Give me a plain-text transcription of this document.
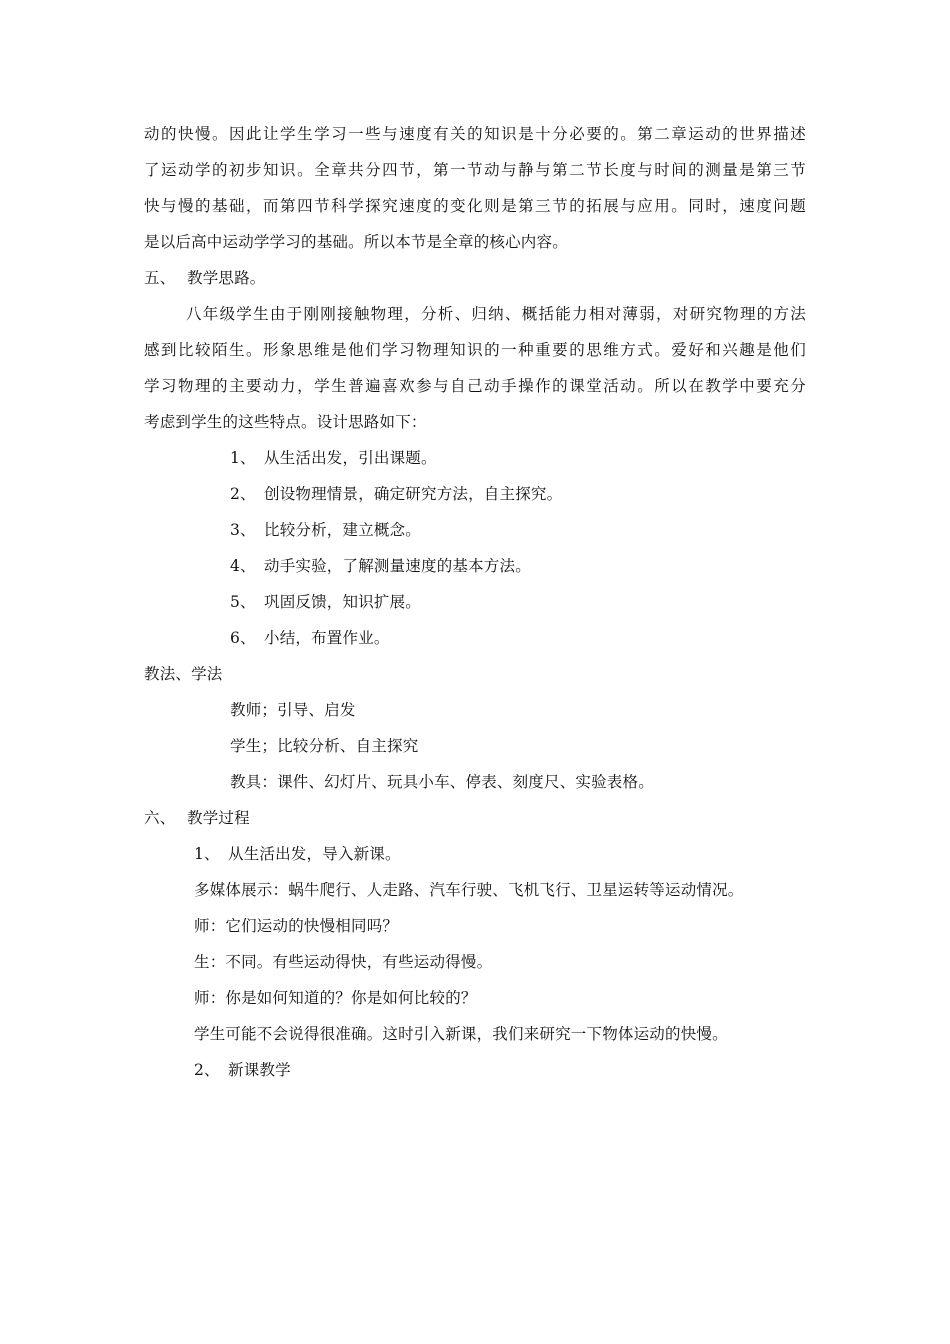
动的快慢。因此让学生学习一些与速度有关的知识是十分必要的。第二章运动的世界描述
了运动学的初步知识。全章共分四节，第一节动与静与第二节长度与时间的测量是第三节
快与慢的基础，而第四节科学探究速度的变化则是第三节的拓展与应用。同时，速度问题
是以后高中运动学学习的基础。所以本节是全章的核心内容。
五、 教学思路。
八年级学生由于刚刚接触物理，分析、归纳、概括能力相对薄弱，对研究物理的方法
感到比较陌生。形象思维是他们学习物理知识的一种重要的思维方式。爱好和兴趣是他们
学习物理的主要动力，学生普遍喜欢参与自己动手操作的课堂活动。所以在教学中要充分
考虑到学生的这些特点。设计思路如下：
1、 从生活出发，引出课题。
2、 创设物理情景，确定研究方法，自主探究。
3、 比较分析，建立概念。
4、 动手实验，了解测量速度的基本方法。
5、 巩固反馈，知识扩展。
6、 小结，布置作业。
教法、学法
教师；引导、启发
学生；比较分析、自主探究
教具：课件、幻灯片、玩具小车、停表、刻度尺、实验表格。
六、 教学过程
1、 从生活出发，导入新课。
多媒体展示：蜗牛爬行、人走路、汽车行驶、飞机飞行、卫星运转等运动情况。
师：它们运动的快慢相同吗？
生：不同。有些运动得快，有些运动得慢。
师：你是如何知道的？你是如何比较的？
学生可能不会说得很准确。这时引入新课，我们来研究一下物体运动的快慢。
2、 新课教学
